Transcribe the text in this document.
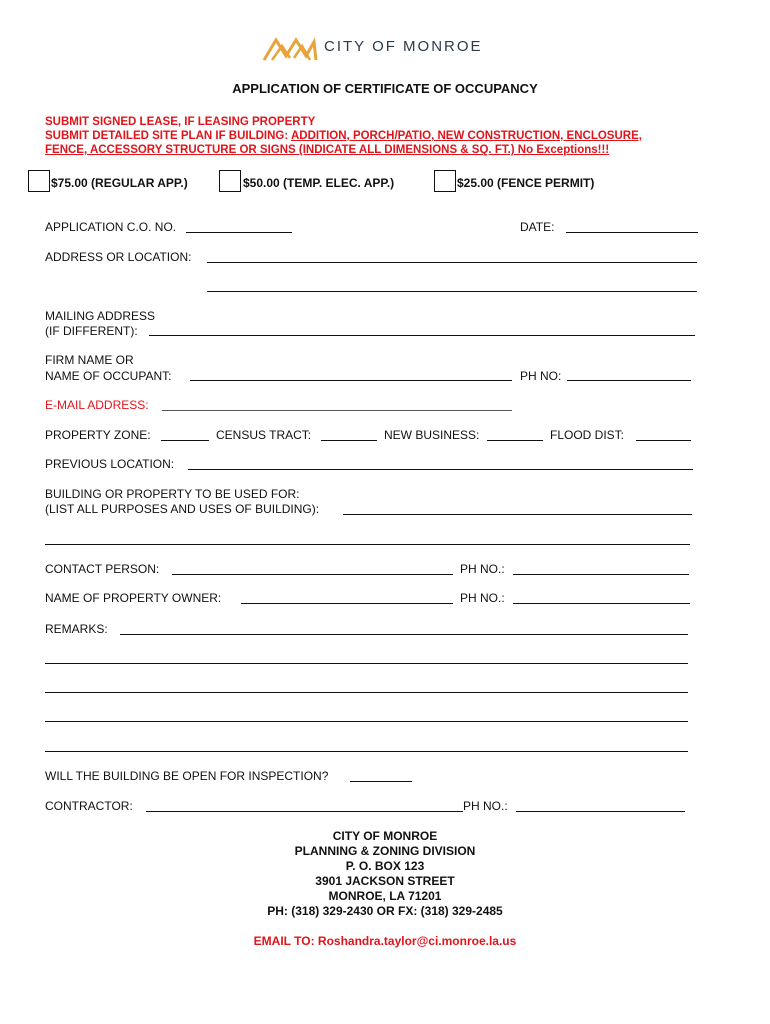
CITY OF MONROE
APPLICATION OF CERTIFICATE OF OCCUPANCY
SUBMIT SIGNED LEASE, IF LEASING PROPERTY
SUBMIT DETAILED SITE PLAN IF BUILDING: ADDITION, PORCH/PATIO, NEW CONSTRUCTION, ENCLOSURE,
FENCE, ACCESSORY STRUCTURE OR SIGNS (INDICATE ALL DIMENSIONS & SQ. FT.) No Exceptions!!!
$75.00 (REGULAR APP.)	$50.00 (TEMP. ELEC. APP.)	$25.00 (FENCE PERMIT)
APPLICATION C.O. NO.	DATE:
ADDRESS OR LOCATION:
MAILING ADDRESS
(IF DIFFERENT):
FIRM NAME OR
NAME OF OCCUPANT:	PH NO:
E-MAIL ADDRESS:
PROPERTY ZONE:	CENSUS TRACT:	NEW BUSINESS:	FLOOD DIST:
PREVIOUS LOCATION:
BUILDING OR PROPERTY TO BE USED FOR:
(LIST ALL PURPOSES AND USES OF BUILDING):
CONTACT PERSON:	PH NO.:
NAME OF PROPERTY OWNER:	PH NO.:
REMARKS:
WILL THE BUILDING BE OPEN FOR INSPECTION?
CONTRACTOR:	PH NO.:
CITY OF MONROE
PLANNING & ZONING DIVISION
P. O. BOX 123
3901 JACKSON STREET
MONROE, LA 71201
PH: (318) 329-2430 OR FX: (318) 329-2485
EMAIL TO: Roshandra.taylor@ci.monroe.la.us
